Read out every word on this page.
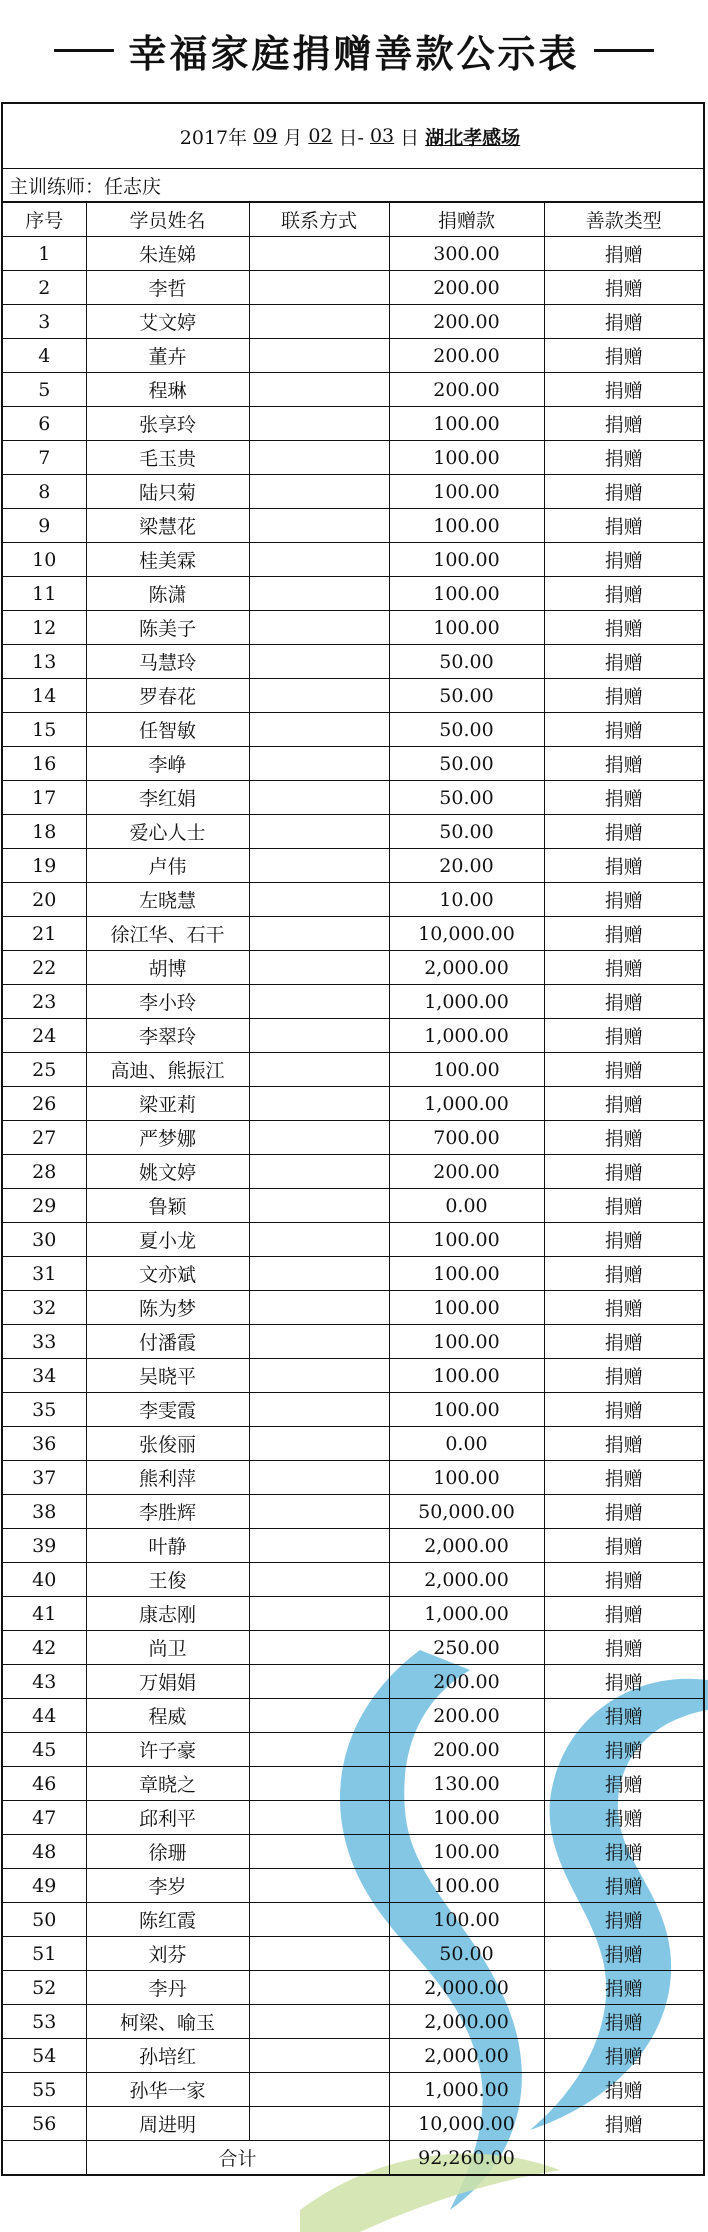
幸福家庭捐赠善款公示表
2017年 09 月 02 日- 03 日 湖北孝感场
主训练师：任志庆
序号	学员姓名	联系方式	捐赠款	善款类型
1	朱连娣		300.00	捐赠
2	李哲		200.00	捐赠
3	艾文婷		200.00	捐赠
4	董卉		200.00	捐赠
5	程琳		200.00	捐赠
6	张享玲		100.00	捐赠
7	毛玉贵		100.00	捐赠
8	陆只菊		100.00	捐赠
9	梁慧花		100.00	捐赠
10	桂美霖		100.00	捐赠
11	陈潇		100.00	捐赠
12	陈美子		100.00	捐赠
13	马慧玲		50.00	捐赠
14	罗春花		50.00	捐赠
15	任智敏		50.00	捐赠
16	李峥		50.00	捐赠
17	李红娟		50.00	捐赠
18	爱心人士		50.00	捐赠
19	卢伟		20.00	捐赠
20	左晓慧		10.00	捐赠
21	徐江华、石干		10,000.00	捐赠
22	胡博		2,000.00	捐赠
23	李小玲		1,000.00	捐赠
24	李翠玲		1,000.00	捐赠
25	高迪、熊振江		100.00	捐赠
26	梁亚莉		1,000.00	捐赠
27	严梦娜		700.00	捐赠
28	姚文婷		200.00	捐赠
29	鲁颖		0.00	捐赠
30	夏小龙		100.00	捐赠
31	文亦斌		100.00	捐赠
32	陈为梦		100.00	捐赠
33	付潘霞		100.00	捐赠
34	吴晓平		100.00	捐赠
35	李雯霞		100.00	捐赠
36	张俊丽		0.00	捐赠
37	熊利萍		100.00	捐赠
38	李胜辉		50,000.00	捐赠
39	叶静		2,000.00	捐赠
40	王俊		2,000.00	捐赠
41	康志刚		1,000.00	捐赠
42	尚卫		250.00	捐赠
43	万娟娟		200.00	捐赠
44	程威		200.00	捐赠
45	许子豪		200.00	捐赠
46	章晓之		130.00	捐赠
47	邱利平		100.00	捐赠
48	徐珊		100.00	捐赠
49	李岁		100.00	捐赠
50	陈红霞		100.00	捐赠
51	刘芬		50.00	捐赠
52	李丹		2,000.00	捐赠
53	柯梁、喻玉		2,000.00	捐赠
54	孙培红		2,000.00	捐赠
55	孙华一家		1,000.00	捐赠
56	周进明		10,000.00	捐赠
	合计		92,260.00	
